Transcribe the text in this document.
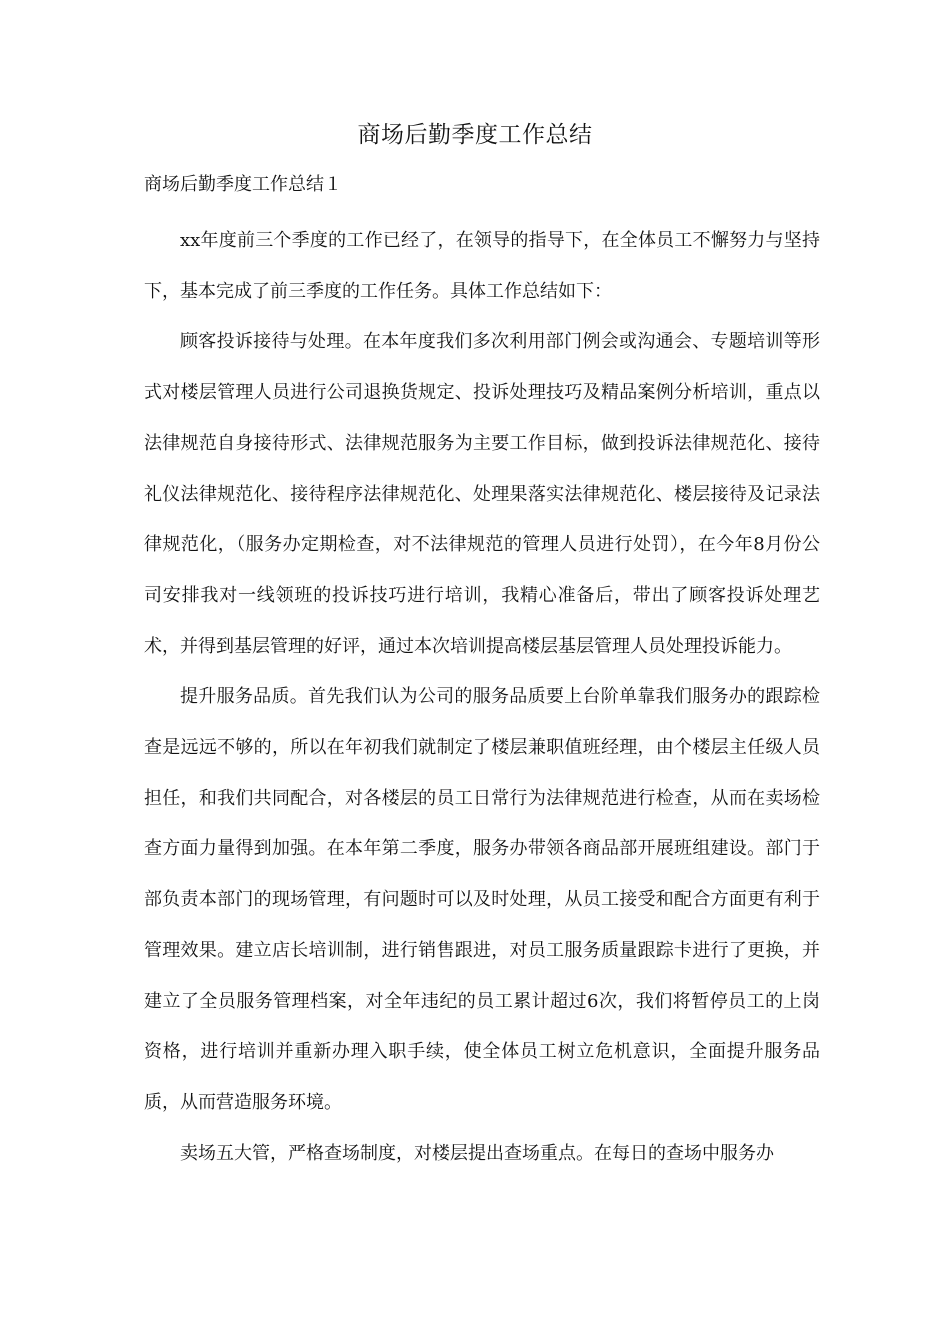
商场后勤季度工作总结
商场后勤季度工作总结１

xx年度前三个季度的工作已经了，在领导的指导下，在全体员工不懈努力与坚持下，基本完成了前三季度的工作任务。具体工作总结如下：

顾客投诉接待与处理。在本年度我们多次利用部门例会或沟通会、专题培训等形式对楼层管理人员进行公司退换货规定、投诉处理技巧及精品案例分析培训，重点以法律规范自身接待形式、法律规范服务为主要工作目标，做到投诉法律规范化、接待礼仪法律规范化、接待程序法律规范化、处理果落实法律规范化、楼层接待及记录法律规范化，（服务办定期检查，对不法律规范的管理人员进行处罚），在今年8月份公司安排我对一线领班的投诉技巧进行培训，我精心准备后，带出了顾客投诉处理艺术，并得到基层管理的好评，通过本次培训提高楼层基层管理人员处理投诉能力。

提升服务品质。首先我们认为公司的服务品质要上台阶单靠我们服务办的跟踪检查是远远不够的，所以在年初我们就制定了楼层兼职值班经理，由个楼层主任级人员担任，和我们共同配合，对各楼层的员工日常行为法律规范进行检查，从而在卖场检查方面力量得到加强。在本年第二季度，服务办带领各商品部开展班组建设。部门于部负责本部门的现场管理，有问题时可以及时处理，从员工接受和配合方面更有利于管理效果。建立店长培训制，进行销售跟进，对员工服务质量跟踪卡进行了更换，并建立了全员服务管理档案，对全年违纪的员工累计超过6次，我们将暂停员工的上岗资格，进行培训并重新办理入职手续，使全体员工树立危机意识，全面提升服务品质，从而营造服务环境。

卖场五大管，严格查场制度，对楼层提出查场重点。在每日的查场中服务办
